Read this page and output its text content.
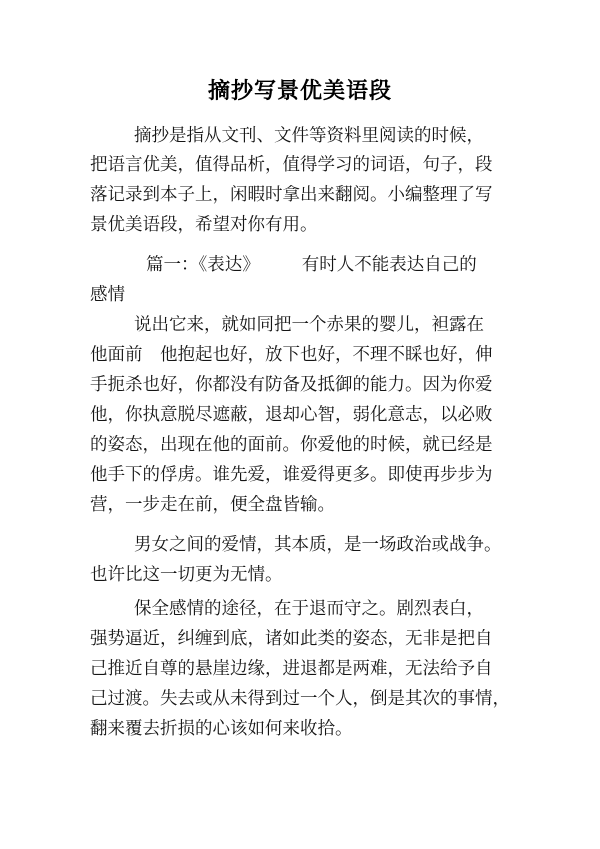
摘抄写景优美语段
摘抄是指从文刊、文件等资料里阅读的时候，
把语言优美，值得品析，值得学习的词语，句子，段
落记录到本子上，闲暇时拿出来翻阅。小编整理了写
景优美语段，希望对你有用。
篇一：《表达》 有时人不能表达自己的
感情
说出它来，就如同把一个赤果的婴儿，袒露在
他面前　他抱起也好，放下也好，不理不睬也好，伸
手扼杀也好，你都没有防备及抵御的能力。因为你爱
他，你执意脱尽遮蔽，退却心智，弱化意志，以必败
的姿态，出现在他的面前。你爱他的时候，就已经是
他手下的俘虏。谁先爱，谁爱得更多。即使再步步为
营，一步走在前，便全盘皆输。
男女之间的爱情，其本质，是一场政治或战争。
也许比这一切更为无情。
保全感情的途径，在于退而守之。剧烈表白，
强势逼近，纠缠到底，诸如此类的姿态，无非是把自
己推近自尊的悬崖边缘，进退都是两难，无法给予自
己过渡。失去或从未得到过一个人，倒是其次的事情，
翻来覆去折损的心该如何来收拾。
